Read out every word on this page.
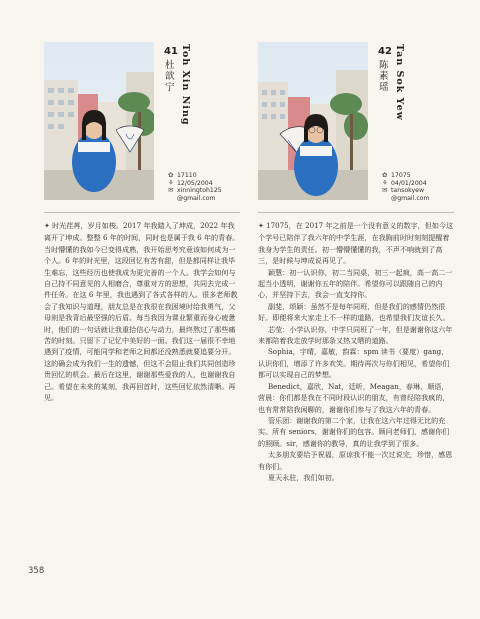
41
杜歆宁 Toh Xin Ning
✿ 17110
⚘ 12/05/2004
✉ xinningtoh125
@gmail.com

✦ 时光荏苒，岁月如梭。2017 年我踏入了坤成，2022 年我离开了坤成。整整 6 年的时间，同时也是属于我 6 年的青春。当时懵懂的我如今已变得成熟，我开始思考究竟该如何成为一个人。6 年的时光里，这段回忆有苦有甜，但是都同样让我毕生难忘，这些经历也使我成为更完善的一个人。我学会如何与自己持不同意见的人相磨合，尊重对方的思想，共同去完成一件任务。在这 6 年里，我也遇到了各式各样的人。很多老师教会了我知识与道理，朋友总是在我很在我困境时给我勇气，父母则是我背后最坚强的后盾。每当我因为课业繁重而身心疲惫时，他们的一句话就让我重拾信心与动力，最终熬过了那些痛苦的时刻。只留下了记忆中美好的一面。我们这一届很不幸地遇到了疫情，可能同学和老师之间都还没熟悉就要追要分开。这的确会成为我们一生的遗憾，但这不会阻止我们共同创造珍贵回忆的机会。最后在这里，谢谢那些爱我的人，也谢谢我自己。希望在未来的某刻，我再回首时，这些回忆依然清晰。再见。

42
陈素瑶 Tan Sok Yew
✿ 17075
⚘ 04/01/2004
✉ tansokyew
@gmail.com

✦ 17075，在 2017 年之前是一个没有意义的数字，但如今这个学号已陪伴了我六年的中学生涯，在我胸前时时刻刻提醒着我身为学生的责任。初一懵懵懂懂的我，不声不响就到了高三，是时候与坤成说再见了。

颖慧：初一认识你，初二当同桌，初三一起疯，高一高二一起当小透明，谢谢你五年的陪伴。希望你可以跟随自己的内心，并坚持下去，我会一直支持你。

副斐，颂颖：虽然不是每年同班，但是我们的感情仍然很好。即便将来大家走上不一样的道路，也希望我们友谊长久。

芯莹：小学认识你，中学只同班了一年，但是谢谢你这六年来都陪着我走放学时那条又热又晒的道路。

Sophia，宇晴，嘉敏，韵霖：spm 读书（要度）gang，认识你们，增添了许多欢笑。期待再次与你们相见，希望你们都可以实现自己的梦想。

Benedict，嘉欣，Nat，廷昕，Meagan，春琳，顺语，营晨：你们都是我在不同时段认识的朋友，有曾经陪我疯的，也有常常陪我闲聊的，谢谢你们参与了我这六年的青春。

管乐团：谢谢我的第二个家，让我在这六年过得无比的充实。所有 seniors，谢谢你们的包容。顾问老师们，感谢你们的照顾。sir，感谢你的教导，真的让我学到了很多。

太多朋友要给予祝福，原谅我不能一次过说完，珍惜，感恩有你们。

夏天永驻，我们如初。

358
